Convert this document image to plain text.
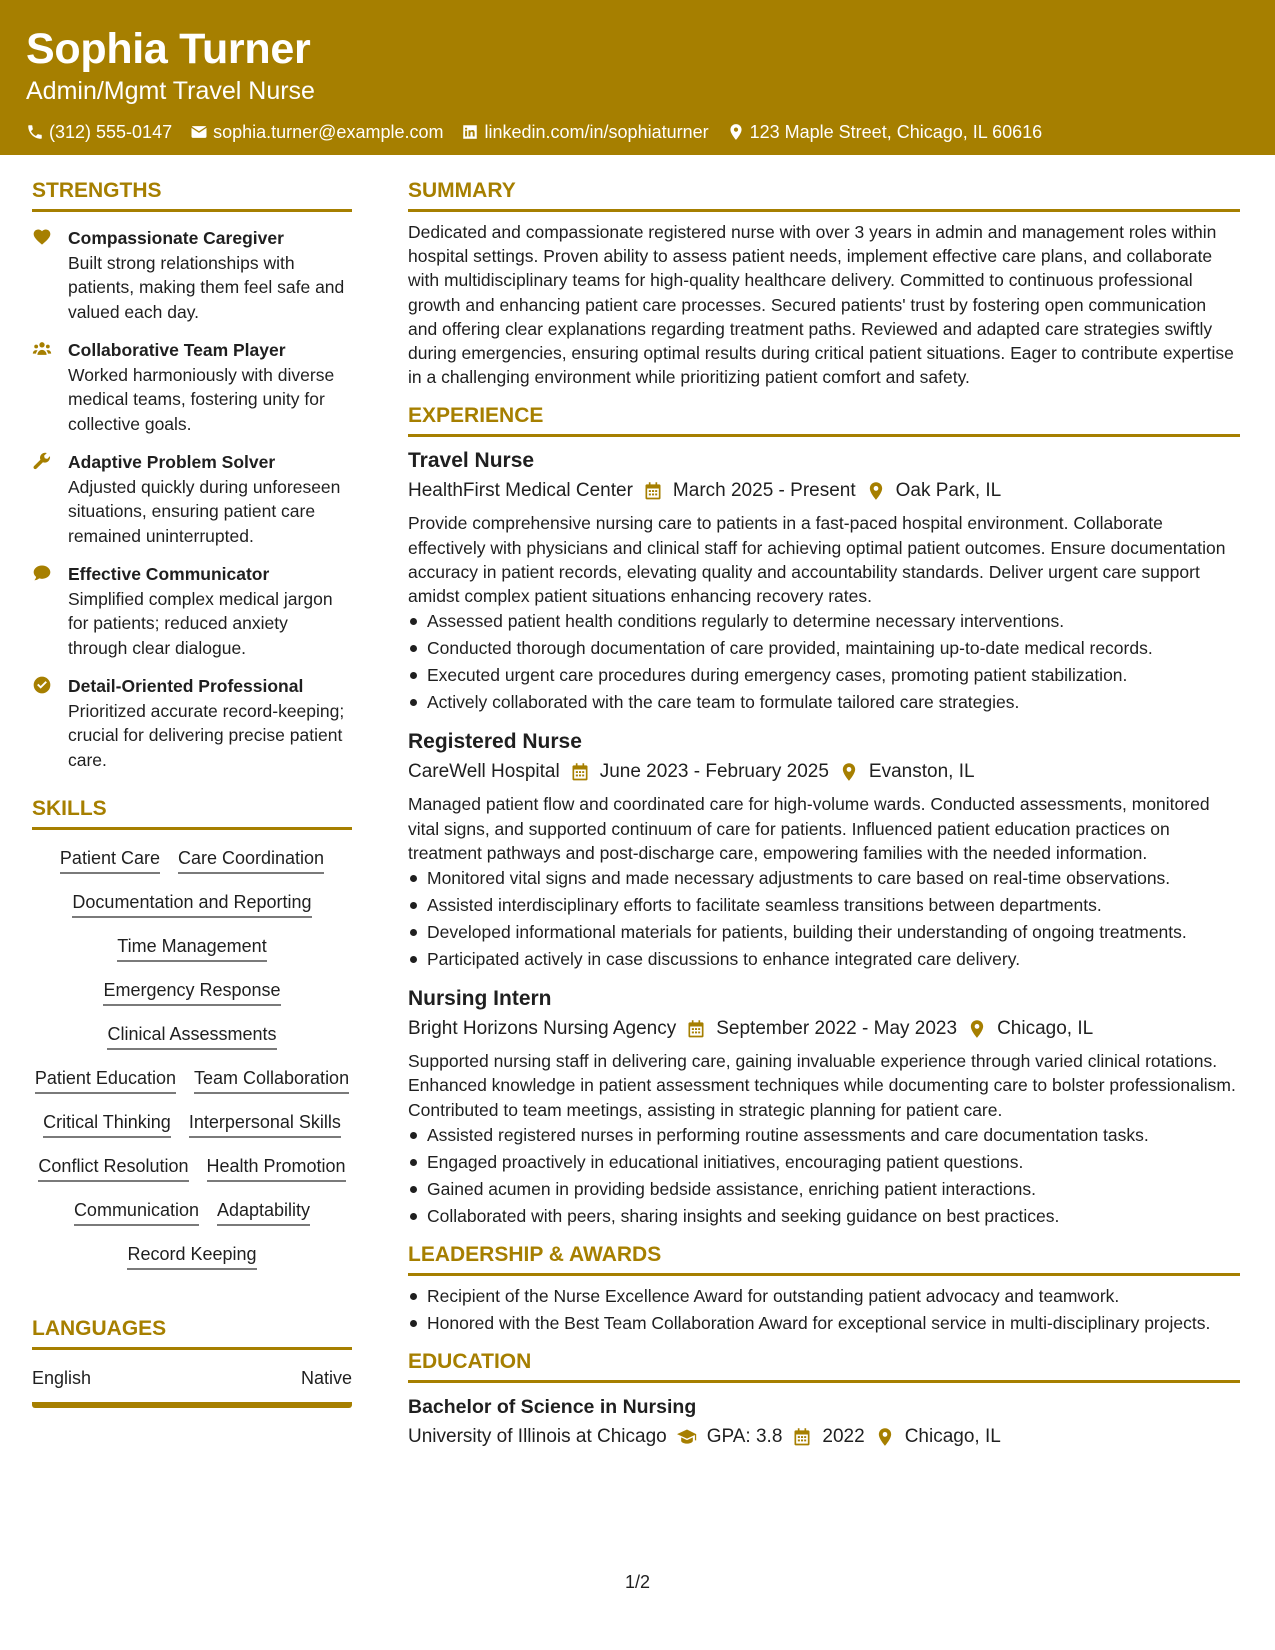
Sophia Turner
Admin/Mgmt Travel Nurse
(312) 555-0147 sophia.turner@example.com linkedin.com/in/sophiaturner 123 Maple Street, Chicago, IL 60616
STRENGTHS
Compassionate Caregiver
Built strong relationships with patients, making them feel safe and valued each day.
Collaborative Team Player
Worked harmoniously with diverse medical teams, fostering unity for collective goals.
Adaptive Problem Solver
Adjusted quickly during unforeseen situations, ensuring patient care remained uninterrupted.
Effective Communicator
Simplified complex medical jargon for patients; reduced anxiety through clear dialogue.
Detail-Oriented Professional
Prioritized accurate record-keeping; crucial for delivering precise patient care.
SKILLS
Patient Care Care Coordination
Documentation and Reporting
Time Management
Emergency Response
Clinical Assessments
Patient Education Team Collaboration
Critical Thinking Interpersonal Skills
Conflict Resolution Health Promotion
Communication Adaptability
Record Keeping
LANGUAGES
English	Native
SUMMARY

Dedicated and compassionate registered nurse with over 3 years in admin and management roles within hospital settings. Proven ability to assess patient needs, implement effective care plans, and collaborate with multidisciplinary teams for high-quality healthcare delivery. Committed to continuous professional growth and enhancing patient care processes. Secured patients' trust by fostering open communication and offering clear explanations regarding treatment paths. Reviewed and adapted care strategies swiftly during emergencies, ensuring optimal results during critical patient situations. Eager to contribute expertise in a challenging environment while prioritizing patient comfort and safety.

EXPERIENCE
Travel Nurse
HealthFirst Medical Center March 2025 - Present Oak Park, IL

Provide comprehensive nursing care to patients in a fast-paced hospital environment. Collaborate effectively with physicians and clinical staff for achieving optimal patient outcomes. Ensure documentation accuracy in patient records, elevating quality and accountability standards. Deliver urgent care support amidst complex patient situations enhancing recovery rates.

Assessed patient health conditions regularly to determine necessary interventions.
Conducted thorough documentation of care provided, maintaining up-to-date medical records.
Executed urgent care procedures during emergency cases, promoting patient stabilization.
Actively collaborated with the care team to formulate tailored care strategies.
Registered Nurse
CareWell Hospital June 2023 - February 2025 Evanston, IL

Managed patient flow and coordinated care for high-volume wards. Conducted assessments, monitored vital signs, and supported continuum of care for patients. Influenced patient education practices on treatment pathways and post-discharge care, empowering families with the needed information.

Monitored vital signs and made necessary adjustments to care based on real-time observations.
Assisted interdisciplinary efforts to facilitate seamless transitions between departments.
Developed informational materials for patients, building their understanding of ongoing treatments.
Participated actively in case discussions to enhance integrated care delivery.
Nursing Intern
Bright Horizons Nursing Agency September 2022 - May 2023 Chicago, IL

Supported nursing staff in delivering care, gaining invaluable experience through varied clinical rotations. Enhanced knowledge in patient assessment techniques while documenting care to bolster professionalism. Contributed to team meetings, assisting in strategic planning for patient care.

Assisted registered nurses in performing routine assessments and care documentation tasks.
Engaged proactively in educational initiatives, encouraging patient questions.
Gained acumen in providing bedside assistance, enriching patient interactions.
Collaborated with peers, sharing insights and seeking guidance on best practices.
LEADERSHIP & AWARDS
Recipient of the Nurse Excellence Award for outstanding patient advocacy and teamwork.
Honored with the Best Team Collaboration Award for exceptional service in multi-disciplinary projects.
EDUCATION
Bachelor of Science in Nursing
University of Illinois at Chicago GPA: 3.8 2022 Chicago, IL
1/2
